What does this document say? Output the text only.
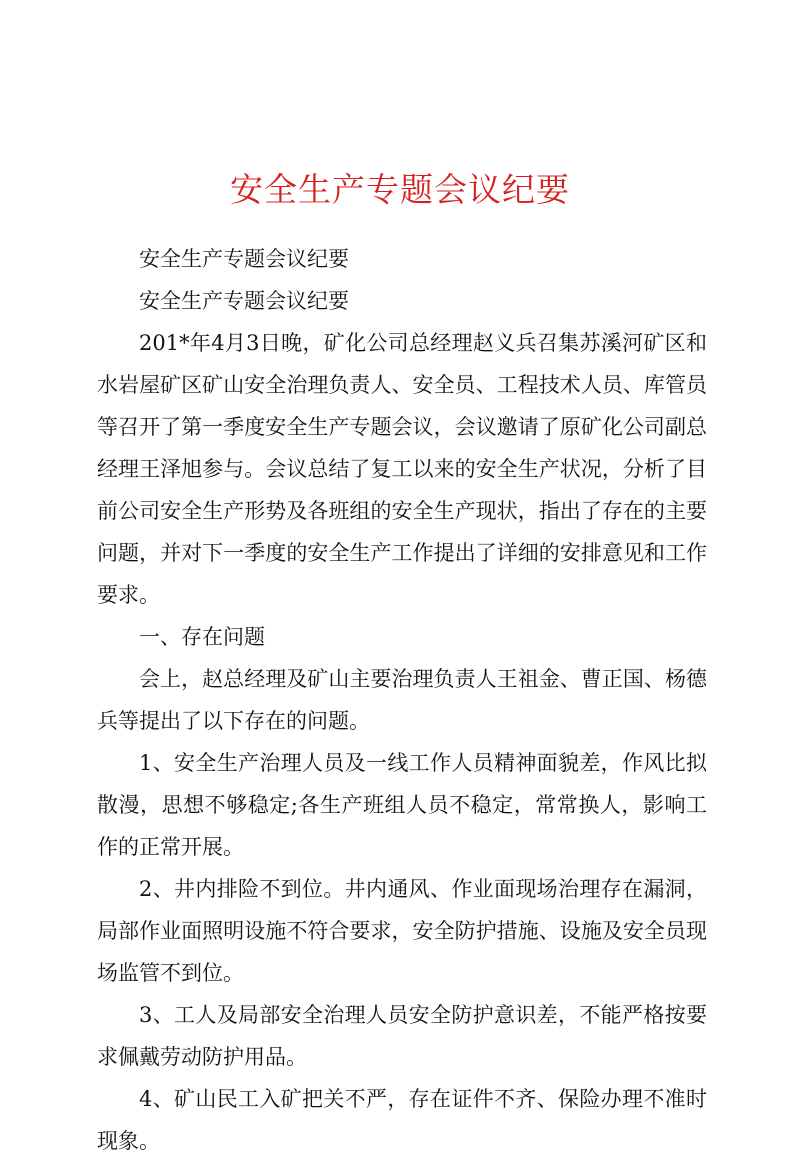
安全生产专题会议纪要

安全生产专题会议纪要

安全生产专题会议纪要

201*年4月3日晚，矿化公司总经理赵义兵召集苏溪河矿区和水岩屋矿区矿山安全治理负责人、安全员、工程技术人员、库管员等召开了第一季度安全生产专题会议，会议邀请了原矿化公司副总经理王泽旭参与。会议总结了复工以来的安全生产状况，分析了目前公司安全生产形势及各班组的安全生产现状，指出了存在的主要问题，并对下一季度的安全生产工作提出了详细的安排意见和工作要求。

一、存在问题

会上，赵总经理及矿山主要治理负责人王祖金、曹正国、杨德兵等提出了以下存在的问题。

1、安全生产治理人员及一线工作人员精神面貌差，作风比拟散漫，思想不够稳定;各生产班组人员不稳定，常常换人，影响工作的正常开展。

2、井内排险不到位。井内通风、作业面现场治理存在漏洞，局部作业面照明设施不符合要求，安全防护措施、设施及安全员现场监管不到位。

3、工人及局部安全治理人员安全防护意识差，不能严格按要求佩戴劳动防护用品。

4、矿山民工入矿把关不严，存在证件不齐、保险办理不准时现象。
